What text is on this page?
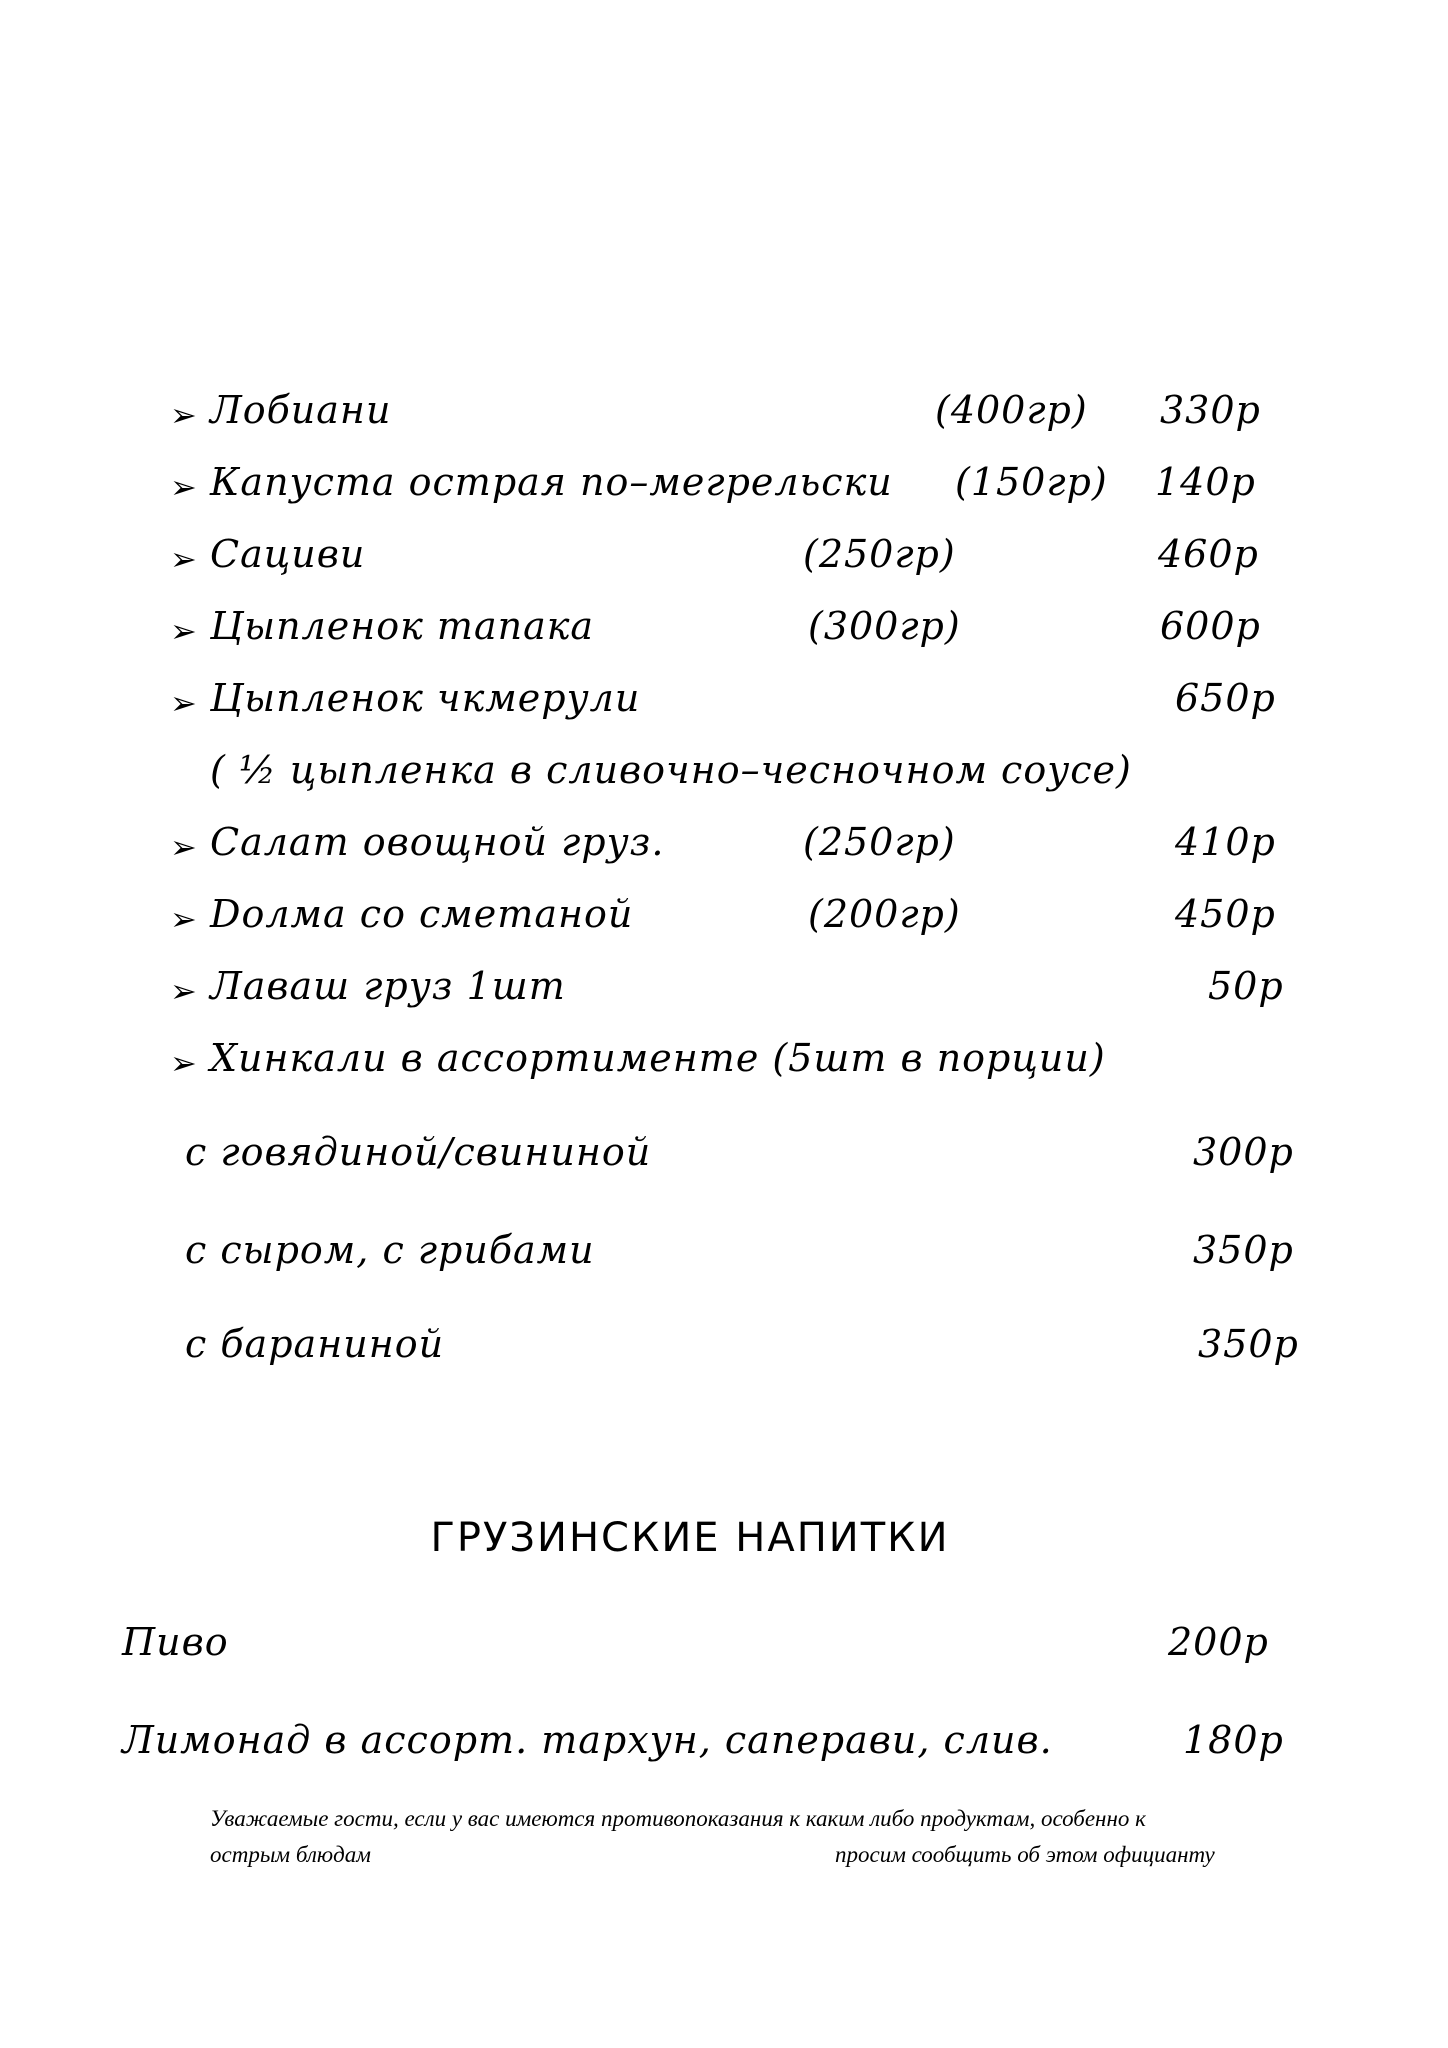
➢ Лобиани	(400гр) 330р
➢ Капуста острая по–мегрельски (150гр) 140р
➢ Сациви	(250гр)	460р
➢ Цыпленок тапака	(300гр)	600р
➢ Цыпленок чкмерули	650р
( ½ цыпленка в сливочно–чесночном соусе)
➢ Салат овощной груз.	(250гр)	410р
➢ Dолма со сметаной	(200гр)	450р
➢ Лаваш груз 1шт	50р
➢ Хинкали в ассортименте (5шт в порции)
с говядиной/свининой	300р
с сыром, с грибами	350р
с бараниной	350р
ГРУЗИНСКИЕ НАПИТКИ
Пиво	200р
Лимонад в ассорт. тархун, саперави, слив.	180р
Уважаемые гости, если у вас имеются противопоказания к каким либо продуктам, особенно к
острым блюдам	просим сообщить об этом официанту
